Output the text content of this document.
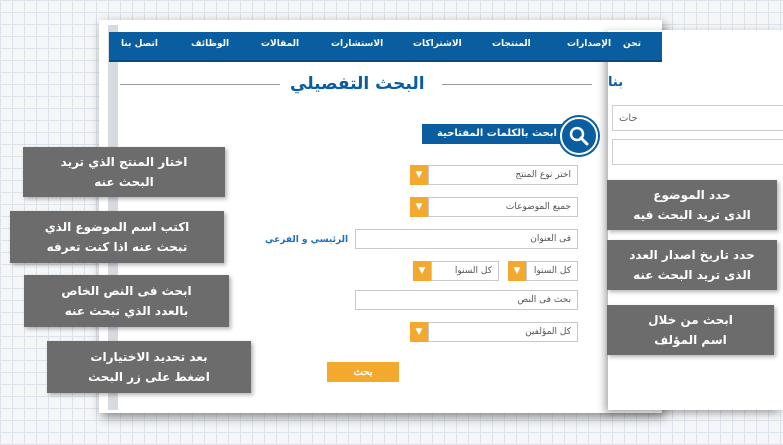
بنا
حات
تحن
الإصدارات
المنتجات
الاشتراكات
الاستشارات
المقالات
الوظائف
اتصل بنا
البحث التفصيلي
ابحث بالكلمات المفتاحية
▼	اختر نوع المنتج
▼	جميع الموضوعات
الرئيسي و الفرعي	فى العنوان
▼	كل السنوا	▼	كل السنوا
بحث فى النص
▼	كل المؤلفين
بحث
اختار المنتج الذي تريد
البحث عنه
اكتب اسم الموضوع الذي
تبحث عنه اذا كنت تعرفه
ابحث فى النص الخاص
بالعدد الذي تبحث عنه
بعد تحديد الاختيارات
اضغط على زر البحث
حدد الموضوع
الذى تريد البحث فيه
حدد تاريخ اصدار العدد
الذى تريد البحث عنه
ابحث من خلال
اسم المؤلف
